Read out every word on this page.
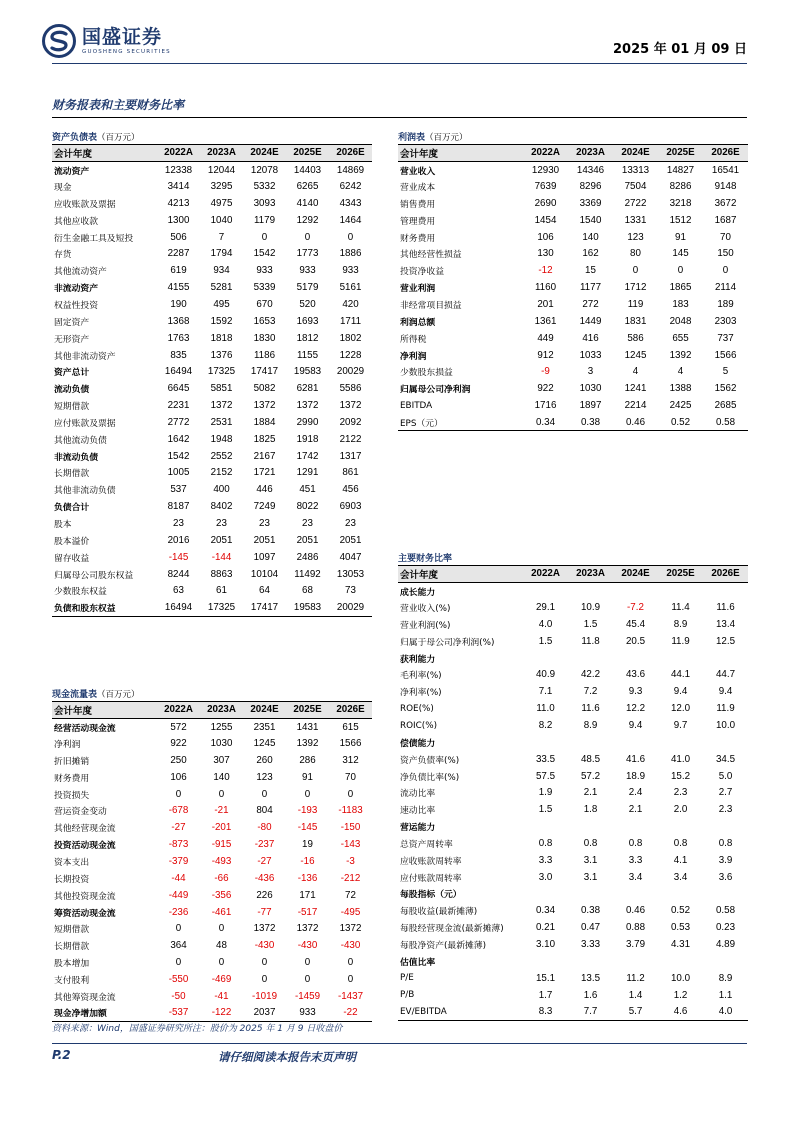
国盛证券
GUOSHENG SECURITIES	2025 年 01 月 09 日
财务报表和主要财务比率
资产负债表（百万元）	利润表（百万元）
主要财务比率
现金流量表（百万元）
会计年度	2022A	2023A	2024E	2025E	2026E
流动资产	12338	12044	12078	14403	14869
现金	3414	3295	5332	6265	6242
应收账款及票据	4213	4975	3093	4140	4343
其他应收款	1300	1040	1179	1292	1464
衍生金融工具及短投	506	7	0	0	0
存货	2287	1794	1542	1773	1886
其他流动资产	619	934	933	933	933
非流动资产	4155	5281	5339	5179	5161
权益性投资	190	495	670	520	420
固定资产	1368	1592	1653	1693	1711
无形资产	1763	1818	1830	1812	1802
其他非流动资产	835	1376	1186	1155	1228
资产总计	16494	17325	17417	19583	20029
流动负债	6645	5851	5082	6281	5586
短期借款	2231	1372	1372	1372	1372
应付账款及票据	2772	2531	1884	2990	2092
其他流动负债	1642	1948	1825	1918	2122
非流动负债	1542	2552	2167	1742	1317
长期借款	1005	2152	1721	1291	861
其他非流动负债	537	400	446	451	456
负债合计	8187	8402	7249	8022	6903
股本	23	23	23	23	23
股本溢价	2016	2051	2051	2051	2051
留存收益	-145	-144	1097	2486	4047
归属母公司股东权益	8244	8863	10104	11492	13053
少数股东权益	63	61	64	68	73
负债和股东权益	16494	17325	17417	19583	20029
会计年度	2022A	2023A	2024E	2025E	2026E
营业收入	12930	14346	13313	14827	16541
营业成本	7639	8296	7504	8286	9148
销售费用	2690	3369	2722	3218	3672
管理费用	1454	1540	1331	1512	1687
财务费用	106	140	123	91	70
其他经营性损益	130	162	80	145	150
投资净收益	-12	15	0	0	0
营业利润	1160	1177	1712	1865	2114
非经常项目损益	201	272	119	183	189
利润总额	1361	1449	1831	2048	2303
所得税	449	416	586	655	737
净利润	912	1033	1245	1392	1566
少数股东损益	-9	3	4	4	5
归属母公司净利润	922	1030	1241	1388	1562
EBITDA	1716	1897	2214	2425	2685
EPS（元）	0.34	0.38	0.46	0.52	0.58
会计年度	2022A	2023A	2024E	2025E	2026E
成长能力					
营业收入(%)	29.1	10.9	-7.2	11.4	11.6
营业利润(%)	4.0	1.5	45.4	8.9	13.4
归属于母公司净利润(%)	1.5	11.8	20.5	11.9	12.5
获利能力					
毛利率(%)	40.9	42.2	43.6	44.1	44.7
净利率(%)	7.1	7.2	9.3	9.4	9.4
ROE(%)	11.0	11.6	12.2	12.0	11.9
ROIC(%)	8.2	8.9	9.4	9.7	10.0
偿债能力					
资产负债率(%)	33.5	48.5	41.6	41.0	34.5
净负债比率(%)	57.5	57.2	18.9	15.2	5.0
流动比率	1.9	2.1	2.4	2.3	2.7
速动比率	1.5	1.8	2.1	2.0	2.3
营运能力					
总资产周转率	0.8	0.8	0.8	0.8	0.8
应收账款周转率	3.3	3.1	3.3	4.1	3.9
应付账款周转率	3.0	3.1	3.4	3.4	3.6
每股指标（元）					
每股收益(最新摊薄)	0.34	0.38	0.46	0.52	0.58
每股经营现金流(最新摊薄)	0.21	0.47	0.88	0.53	0.23
每股净资产(最新摊薄)	3.10	3.33	3.79	4.31	4.89
估值比率					
P/E	15.1	13.5	11.2	10.0	8.9
P/B	1.7	1.6	1.4	1.2	1.1
EV/EBITDA	8.3	7.7	5.7	4.6	4.0
会计年度	2022A	2023A	2024E	2025E	2026E
经营活动现金流	572	1255	2351	1431	615
净利润	922	1030	1245	1392	1566
折旧摊销	250	307	260	286	312
财务费用	106	140	123	91	70
投资损失	0	0	0	0	0
营运资金变动	-678	-21	804	-193	-1183
其他经营现金流	-27	-201	-80	-145	-150
投资活动现金流	-873	-915	-237	19	-143
资本支出	-379	-493	-27	-16	-3
长期投资	-44	-66	-436	-136	-212
其他投资现金流	-449	-356	226	171	72
筹资活动现金流	-236	-461	-77	-517	-495
短期借款	0	0	1372	1372	1372
长期借款	364	48	-430	-430	-430
股本增加	0	0	0	0	0
支付股利	-550	-469	0	0	0
其他筹资现金流	-50	-41	-1019	-1459	-1437
现金净增加额	-537	-122	2037	933	-22
资料来源：Wind，国盛证券研究所注：股价为 2025 年 1 月 9 日收盘价
P.2	请仔细阅读本报告末页声明
